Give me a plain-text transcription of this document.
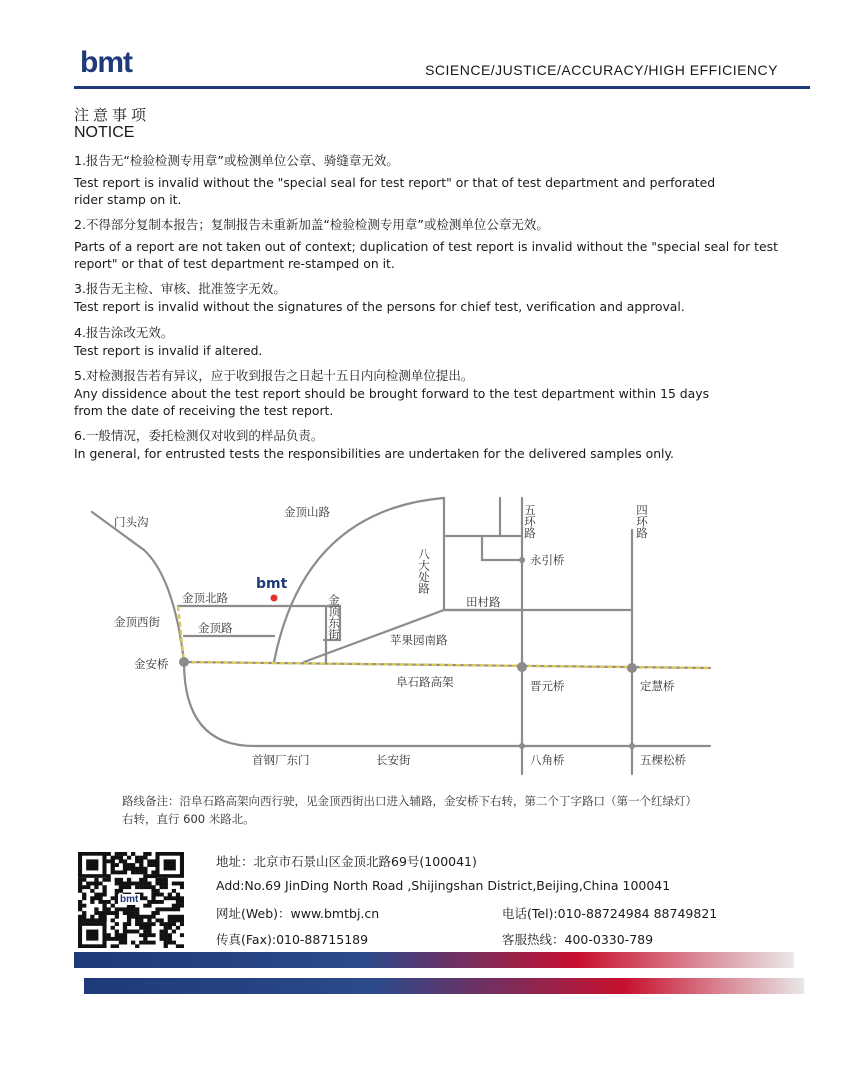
bmt	SCIENCE/JUSTICE/ACCURACY/HIGH EFFICIENCY
注意事项
NOTICE
1.报告无“检验检测专用章”或检测单位公章、骑缝章无效。
Test report is invalid without the "special seal for test report" or that of test department and perforated rider stamp on it.
2.不得部分复制本报告；复制报告未重新加盖“检验检测专用章”或检测单位公章无效。
Parts of a report are not taken out of context; duplication of test report is invalid without the "special seal for test report" or that of test department re-stamped on it.
3.报告无主检、审核、批准签字无效。
Test report is invalid without the signatures of the persons for chief test, verification and approval.
4.报告涂改无效。
Test report is invalid if altered.
5.对检测报告若有异议，应于收到报告之日起十五日内向检测单位提出。
Any dissidence about the test report should be brought forward to the test department within 15 days from the date of receiving the test report.
6.一般情况，委托检测仅对收到的样品负责。
In general, for entrusted tests the responsibilities are undertaken for the delivered samples only.
bmt
门头沟
金顶山路
金顶北路
金顶西街	金顶路
金安桥
苹果园南路
田村路
阜石路高架	晋元桥	定慧桥
永引桥
首钢厂东门	长安街	八角桥	五棵松桥
五环路	四环路
八大处路
金顶东街
路线备注：沿阜石路高架向西行驶，见金顶西街出口进入辅路，金安桥下右转，第二个丁字路口（第一个红绿灯）
右转，直行 600 米路北。
bmt
地址：北京市石景山区金顶北路69号(100041)
Add:No.69 JinDing North Road ,Shijingshan District,Beijing,China 100041
网址(Web)：www.bmtbj.cn	电话(Tel):010-88724984 88749821
传真(Fax):010-88715189	客服热线：400-0330-789
